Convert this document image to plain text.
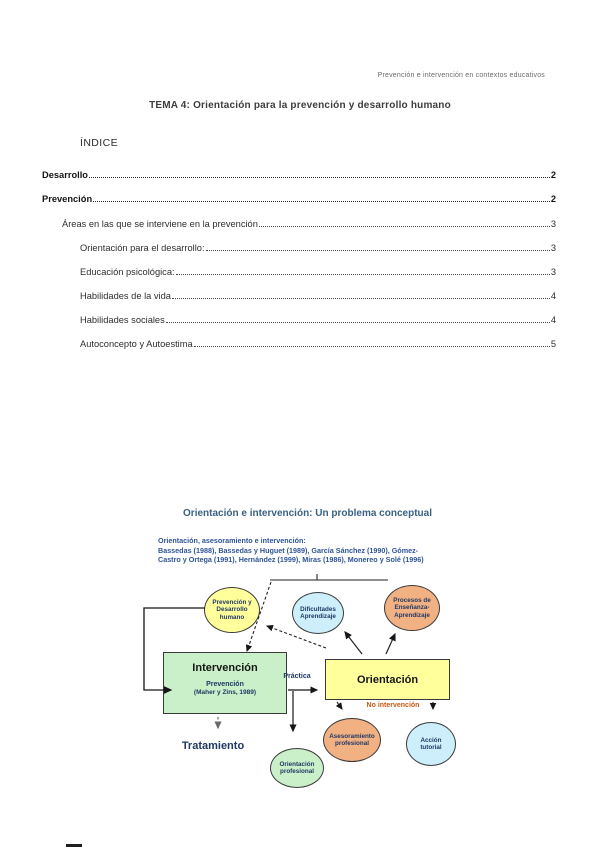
Prevención e intervención en contextos educativos
TEMA 4: Orientación para la prevención y desarrollo humano
ÍNDICE
Desarrollo	2
Prevención	2
Áreas en las que se interviene en la prevención	3
Orientación para el desarrollo:	3
Educación psicológica:	3
Habilidades de la vida	4
Habilidades sociales	4
Autoconcepto y Autoestima	5
Orientación e intervención: Un problema conceptual
Orientación, asesoramiento e intervención:
Bassedas (1988), Bassedas y Huguet (1989), García Sánchez (1990), Gómez-
Castro y Ortega (1991), Hernández (1999), Miras (1986), Monereo y Solé (1996)
Prevención y
Desarrollo
humano
Dificultades
Aprendizaje
Procesos de
Enseñanza-
Aprendizaje
Intervención
Prevención
(Maher y Zins, 1989)
Orientación
Asesoramiento
profesional	Acción
tutorial
Orientación
profesional
Práctica
No intervención
Tratamiento
